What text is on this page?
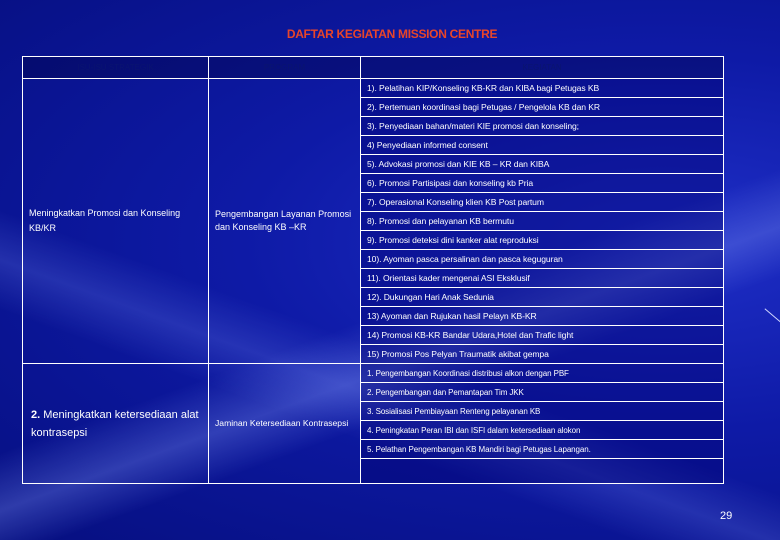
DAFTAR KEGIATAN MISSION CENTRE
ISU-ISU STRATEGIK	PROGRAM	KEGIATAN
Meningkatkan Promosi dan Konseling KB/KR	Pengembangan Layanan Promosi dan Konseling KB –KR	1). Pelatihan KIP/Konseling KB-KR dan KIBA bagi Petugas KB
		2). Pertemuan koordinasi bagi Petugas / Pengelola KB dan KR
		3). Penyediaan bahan/materi KIE promosi dan konseling;
		4) Penyediaan informed consent
		5). Advokasi promosi dan KIE KB – KR dan KIBA
		6). Promosi Partisipasi dan konseling kb Pria
		7). Operasional Konseling klien KB Post partum
		8). Promosi dan pelayanan KB bermutu
		9). Promosi deteksi dini kanker alat reproduksi
		10). Ayoman pasca persalinan dan pasca keguguran
		11). Orientasi kader mengenai ASI Eksklusif
		12). Dukungan Hari Anak Sedunia
		13) Ayoman dan Rujukan hasil Pelayn KB-KR
		14) Promosi KB-KR Bandar Udara,Hotel dan Trafic light
		15) Promosi Pos Pelyan Traumatik akibat gempa
2. Meningkatkan ketersediaan alat kontrasepsi	Jaminan Ketersediaan Kontrasepsi	1. Pengembangan Koordinasi distribusi alkon dengan PBF
		2. Pengembangan dan Pemantapan Tim JKK
		3. Sosialisasi Pembiayaan Renteng pelayanan KB
		4. Peningkatan Peran IBI dan ISFI dalam ketersediaan alokon
		5. Pelathan Pengembangan KB Mandiri bagi Petugas Lapangan.

29
